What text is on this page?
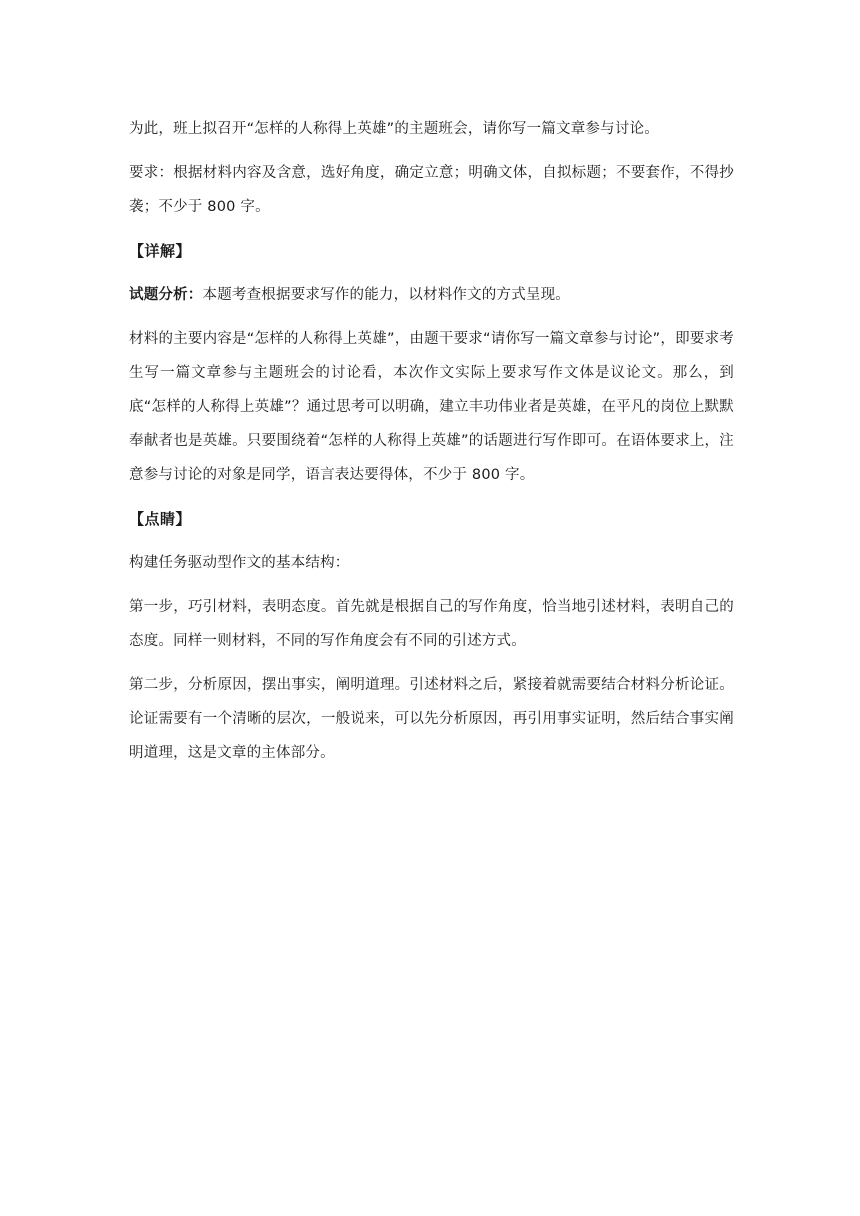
为此，班上拟召开“怎样的人称得上英雄”的主题班会，请你写一篇文章参与讨论。

要求：根据材料内容及含意，选好角度，确定立意；明确文体，自拟标题；不要套作，不得抄袭；不少于 800 字。

【详解】

试题分析：本题考查根据要求写作的能力，以材料作文的方式呈现。

材料的主要内容是“怎样的人称得上英雄”，由题干要求“请你写一篇文章参与讨论”，即要求考生写一篇文章参与主题班会的讨论看，本次作文实际上要求写作文体是议论文。那么，到底“怎样的人称得上英雄”？通过思考可以明确，建立丰功伟业者是英雄，在平凡的岗位上默默奉献者也是英雄。只要围绕着“怎样的人称得上英雄”的话题进行写作即可。在语体要求上，注意参与讨论的对象是同学，语言表达要得体，不少于 800 字。

【点睛】

构建任务驱动型作文的基本结构：

第一步，巧引材料，表明态度。首先就是根据自己的写作角度，恰当地引述材料，表明自己的态度。同样一则材料，不同的写作角度会有不同的引述方式。

第二步，分析原因，摆出事实，阐明道理。引述材料之后，紧接着就需要结合材料分析论证。论证需要有一个清晰的层次，一般说来，可以先分析原因，再引用事实证明，然后结合事实阐明道理，这是文章的主体部分。
